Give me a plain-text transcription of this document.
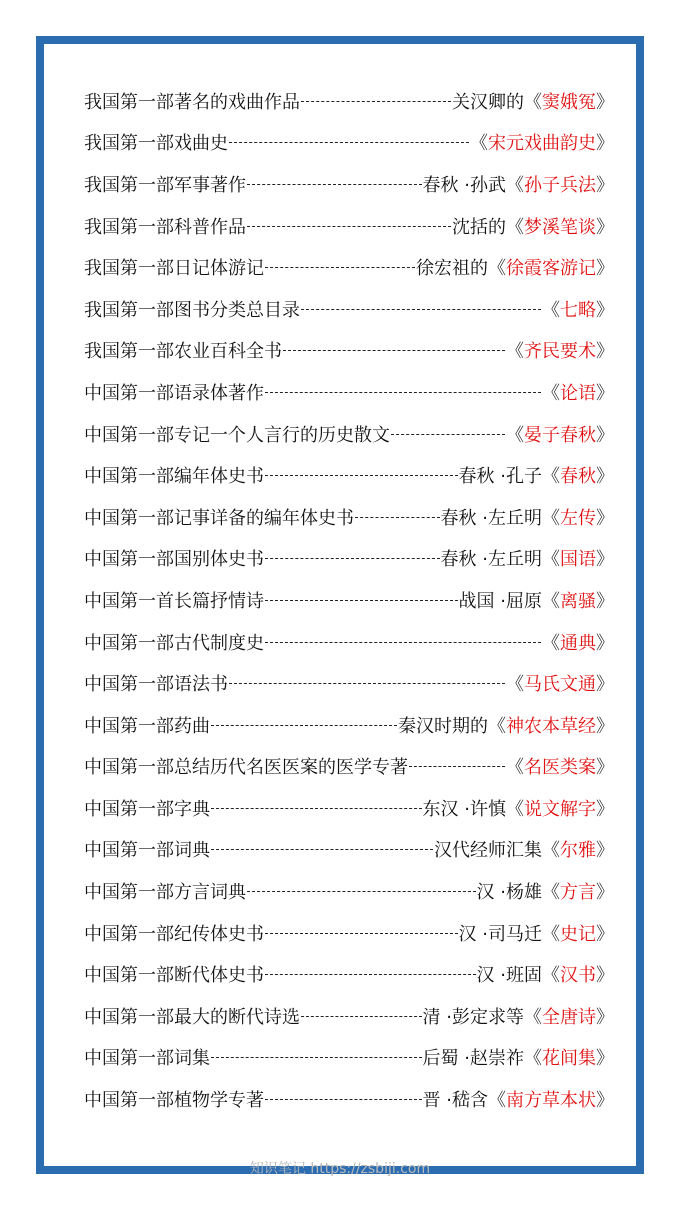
我国第一部著名的戏曲作品	关汉卿的《窦娥冤》
我国第一部戏曲史	《宋元戏曲韵史》
我国第一部军事著作	春秋 ·孙武《孙子兵法》
我国第一部科普作品	沈括的《梦溪笔谈》
我国第一部日记体游记	徐宏祖的《徐霞客游记》
我国第一部图书分类总目录	《七略》
我国第一部农业百科全书	《齐民要术》
中国第一部语录体著作	《论语》
中国第一部专记一个人言行的历史散文	《晏子春秋》
中国第一部编年体史书	春秋 ·孔子《春秋》
中国第一部记事详备的编年体史书	春秋 ·左丘明《左传》
中国第一部国别体史书	春秋 ·左丘明《国语》
中国第一首长篇抒情诗	战国 ·屈原《离骚》
中国第一部古代制度史	《通典》
中国第一部语法书	《马氏文通》
中国第一部药曲	秦汉时期的《神农本草经》
中国第一部总结历代名医医案的医学专著	《名医类案》
中国第一部字典	东汉 ·许慎《说文解字》
中国第一部词典	汉代经师汇集《尔雅》
中国第一部方言词典	汉 ·杨雄《方言》
中国第一部纪传体史书	汉 ·司马迁《史记》
中国第一部断代体史书	汉 ·班固《汉书》
中国第一部最大的断代诗选	清 ·彭定求等《全唐诗》
中国第一部词集	后蜀 ·赵崇祚《花间集》
中国第一部植物学专著	晋 ·嵇含《南方草本状》
知识笔记 https://zsbiji.com
